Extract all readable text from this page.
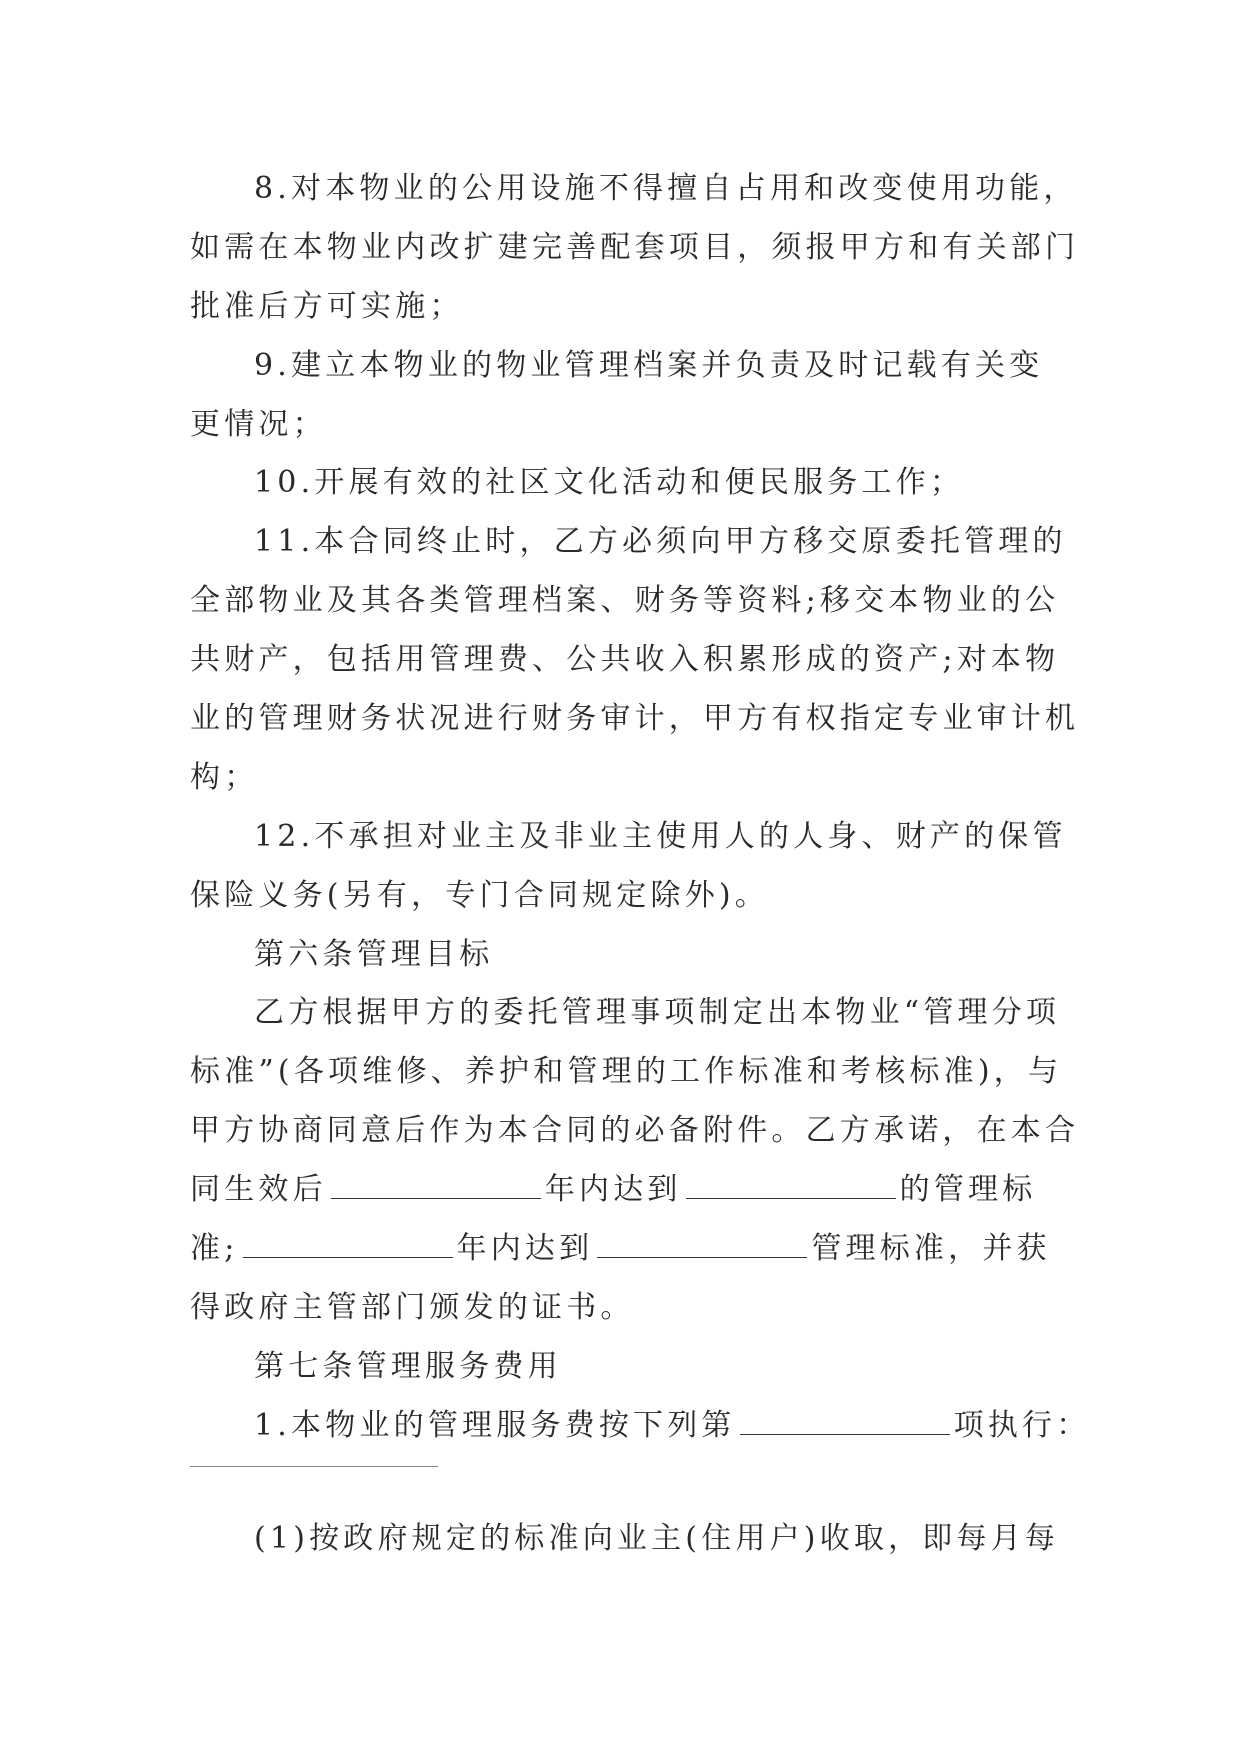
8.对本物业的公用设施不得擅自占用和改变使用功能，
如需在本物业内改扩建完善配套项目，须报甲方和有关部门
批准后方可实施；
9.建立本物业的物业管理档案并负责及时记载有关变
更情况；
10.开展有效的社区文化活动和便民服务工作；
11.本合同终止时，乙方必须向甲方移交原委托管理的
全部物业及其各类管理档案、财务等资料;移交本物业的公
共财产，包括用管理费、公共收入积累形成的资产;对本物
业的管理财务状况进行财务审计，甲方有权指定专业审计机
构；
12.不承担对业主及非业主使用人的人身、财产的保管
保险义务(另有，专门合同规定除外)。
第六条管理目标
乙方根据甲方的委托管理事项制定出本物业“管理分项
标准”(各项维修、养护和管理的工作标准和考核标准)，与
甲方协商同意后作为本合同的必备附件。乙方承诺，在本合
同生效后	年内达到	的管理标
准;	年内达到	管理标准，并获
得政府主管部门颁发的证书。
第七条管理服务费用
1.本物业的管理服务费按下列第	项执行：
(1)按政府规定的标准向业主(住用户)收取，即每月每
